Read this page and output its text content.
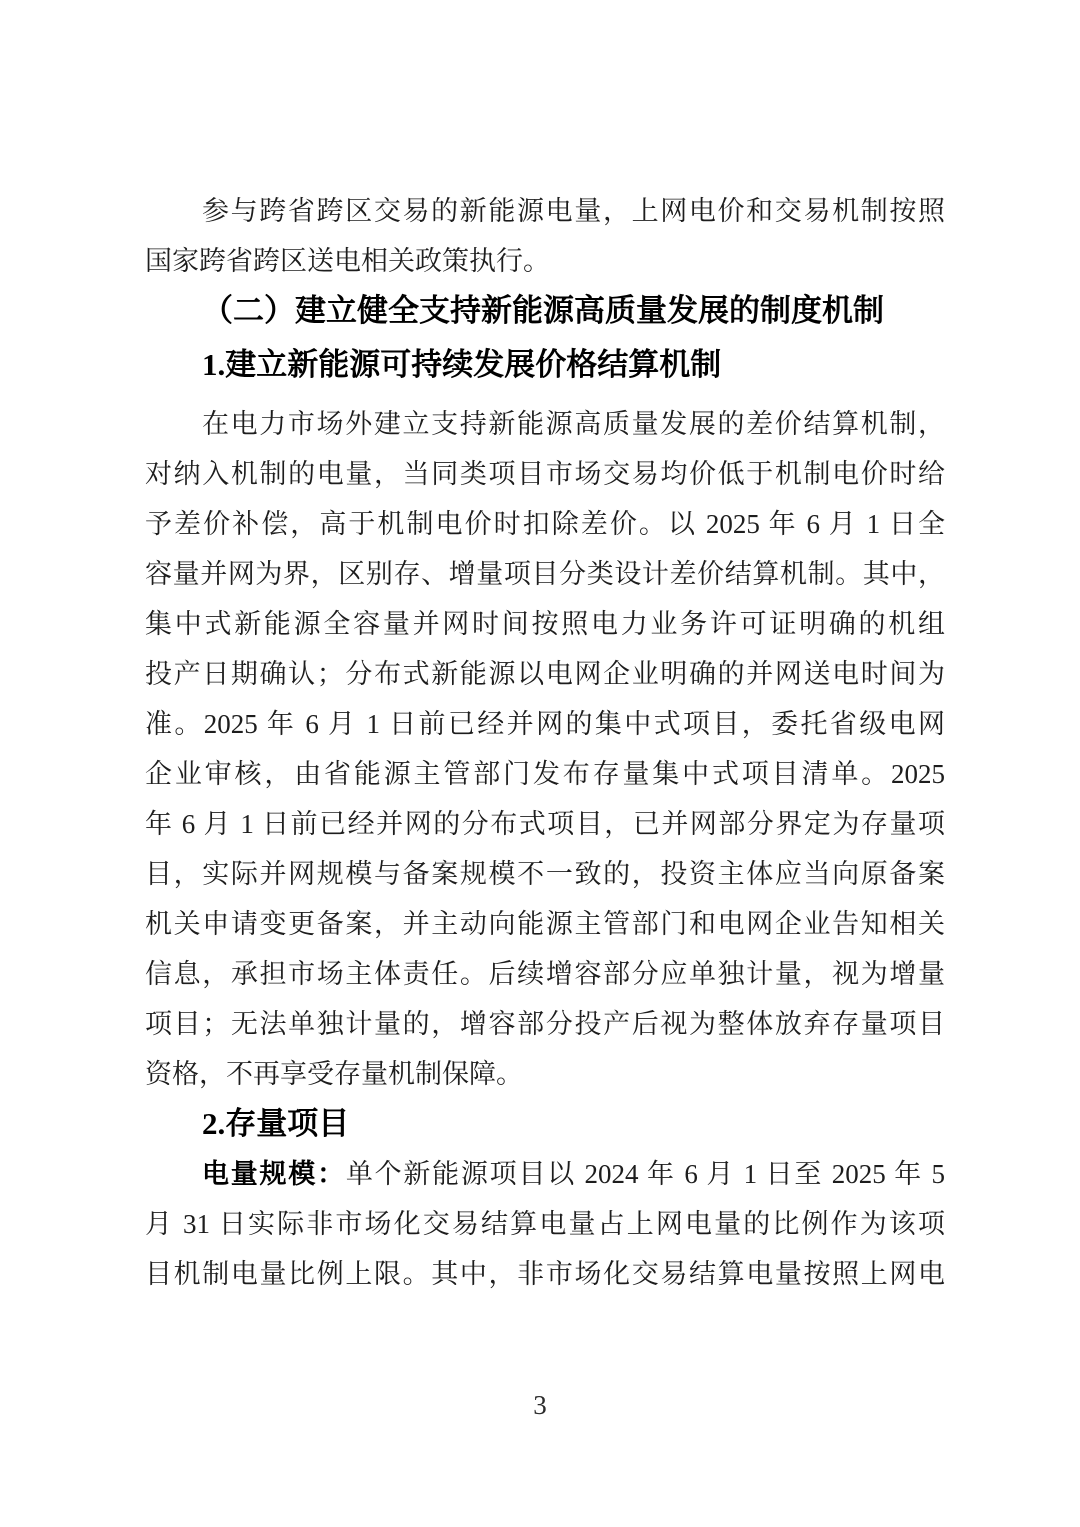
参与跨省跨区交易的新能源电量，上网电价和交易机制按照
国家跨省跨区送电相关政策执行。
（二）建立健全支持新能源高质量发展的制度机制
1.建立新能源可持续发展价格结算机制
在电力市场外建立支持新能源高质量发展的差价结算机制，
对纳入机制的电量，当同类项目市场交易均价低于机制电价时给
予差价补偿，高于机制电价时扣除差价。以 2025 年 6 月 1 日全
容量并网为界，区别存、增量项目分类设计差价结算机制。其中，
集中式新能源全容量并网时间按照电力业务许可证明确的机组
投产日期确认；分布式新能源以电网企业明确的并网送电时间为
准。2025 年 6 月 1 日前已经并网的集中式项目，委托省级电网
企业审核，由省能源主管部门发布存量集中式项目清单。2025
年 6 月 1 日前已经并网的分布式项目，已并网部分界定为存量项
目，实际并网规模与备案规模不一致的，投资主体应当向原备案
机关申请变更备案，并主动向能源主管部门和电网企业告知相关
信息，承担市场主体责任。后续增容部分应单独计量，视为增量
项目；无法单独计量的，增容部分投产后视为整体放弃存量项目
资格，不再享受存量机制保障。
2.存量项目
电量规模：单个新能源项目以 2024 年 6 月 1 日至 2025 年 5
月 31 日实际非市场化交易结算电量占上网电量的比例作为该项
目机制电量比例上限。其中，非市场化交易结算电量按照上网电
3
